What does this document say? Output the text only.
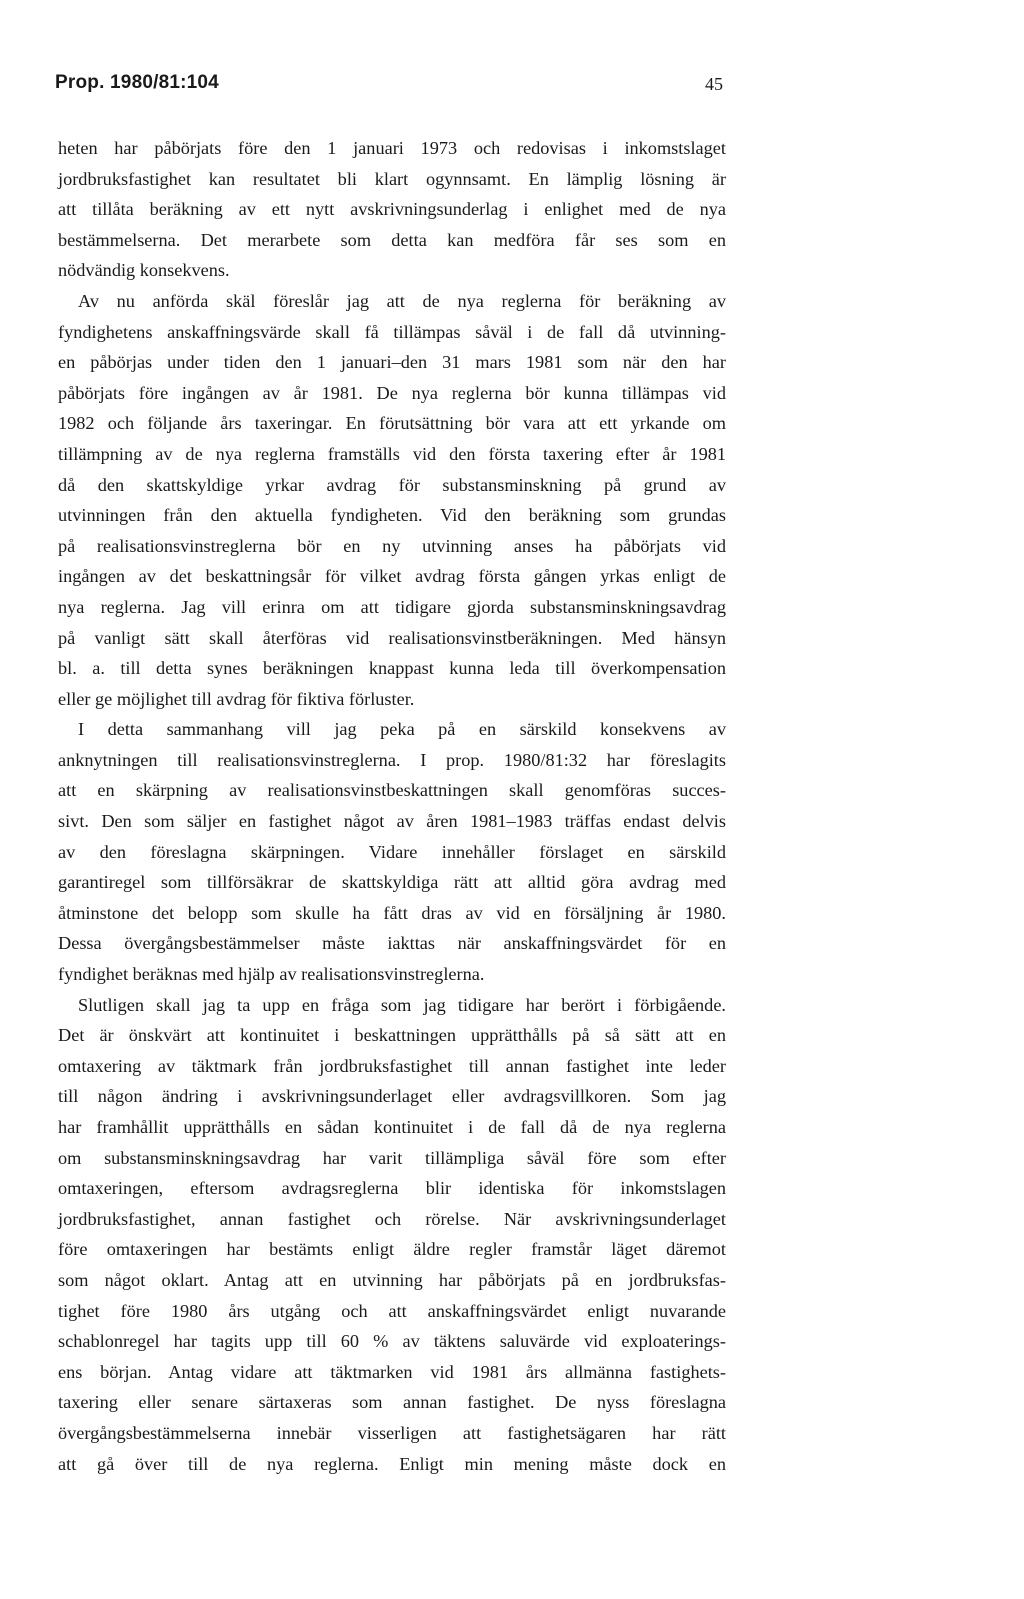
Prop. 1980/81:104	45
heten har påbörjats före den 1 januari 1973 och redovisas i inkomstslaget
jordbruksfastighet kan resultatet bli klart ogynnsamt. En lämplig lösning är
att tillåta beräkning av ett nytt avskrivningsunderlag i enlighet med de nya
bestämmelserna. Det merarbete som detta kan medföra får ses som en
nödvändig konsekvens.
Av nu anförda skäl föreslår jag att de nya reglerna för beräkning av
fyndighetens anskaffningsvärde skall få tillämpas såväl i de fall då utvinning-
en påbörjas under tiden den 1 januari–den 31 mars 1981 som när den har
påbörjats före ingången av år 1981. De nya reglerna bör kunna tillämpas vid
1982 och följande års taxeringar. En förutsättning bör vara att ett yrkande om
tillämpning av de nya reglerna framställs vid den första taxering efter år 1981
då den skattskyldige yrkar avdrag för substansminskning på grund av
utvinningen från den aktuella fyndigheten. Vid den beräkning som grundas
på realisationsvinstreglerna bör en ny utvinning anses ha påbörjats vid
ingången av det beskattningsår för vilket avdrag första gången yrkas enligt de
nya reglerna. Jag vill erinra om att tidigare gjorda substansminskningsavdrag
på vanligt sätt skall återföras vid realisationsvinstberäkningen. Med hänsyn
bl. a. till detta synes beräkningen knappast kunna leda till överkompensation
eller ge möjlighet till avdrag för fiktiva förluster.
I detta sammanhang vill jag peka på en särskild konsekvens av
anknytningen till realisationsvinstreglerna. I prop. 1980/81:32 har föreslagits
att en skärpning av realisationsvinstbeskattningen skall genomföras succes-
sivt. Den som säljer en fastighet något av åren 1981–1983 träffas endast delvis
av den föreslagna skärpningen. Vidare innehåller förslaget en särskild
garantiregel som tillförsäkrar de skattskyldiga rätt att alltid göra avdrag med
åtminstone det belopp som skulle ha fått dras av vid en försäljning år 1980.
Dessa övergångsbestämmelser måste iakttas när anskaffningsvärdet för en
fyndighet beräknas med hjälp av realisationsvinstreglerna.
Slutligen skall jag ta upp en fråga som jag tidigare har berört i förbigående.
Det är önskvärt att kontinuitet i beskattningen upprätthålls på så sätt att en
omtaxering av täktmark från jordbruksfastighet till annan fastighet inte leder
till någon ändring i avskrivningsunderlaget eller avdragsvillkoren. Som jag
har framhållit upprätthålls en sådan kontinuitet i de fall då de nya reglerna
om substansminskningsavdrag har varit tillämpliga såväl före som efter
omtaxeringen, eftersom avdragsreglerna blir identiska för inkomstslagen
jordbruksfastighet, annan fastighet och rörelse. När avskrivningsunderlaget
före omtaxeringen har bestämts enligt äldre regler framstår läget däremot
som något oklart. Antag att en utvinning har påbörjats på en jordbruksfas-
tighet före 1980 års utgång och att anskaffningsvärdet enligt nuvarande
schablonregel har tagits upp till 60 % av täktens saluvärde vid exploaterings-
ens början. Antag vidare att täktmarken vid 1981 års allmänna fastighets-
taxering eller senare särtaxeras som annan fastighet. De nyss föreslagna
övergångsbestämmelserna innebär visserligen att fastighetsägaren har rätt
att gå över till de nya reglerna. Enligt min mening måste dock en
